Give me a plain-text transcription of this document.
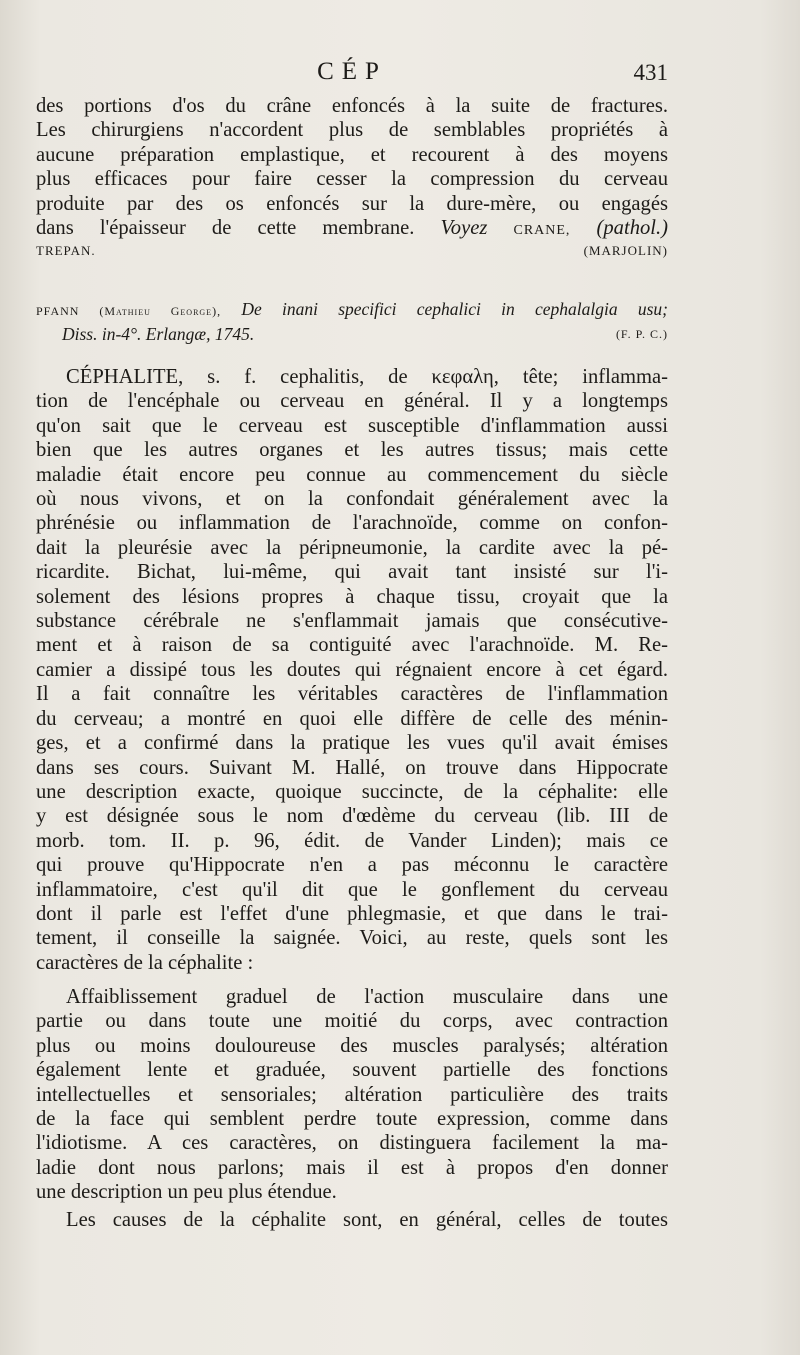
CÉP	431

des portions d'os du crâne enfoncés à la suite de fractures.

Les chirurgiens n'accordent plus de semblables propriétés à

aucune préparation emplastique, et recourent à des moyens

plus efficaces pour faire cesser la compression du cerveau

produite par des os enfoncés sur la dure-mère, ou engagés

dans l'épaisseur de cette membrane. Voyez CRANE, (pathol.)

TREPAN.	(MARJOLIN)

PFANN (Mathieu George), De inani specifici cephalici in cephalalgia usu;

Diss. in-4°. Erlangæ, 1745.	(F. P. C.)

CÉPHALITE, s. f. cephalitis, de κεφαλη, tête; inflamma-

tion de l'encéphale ou cerveau en général. Il y a longtemps

qu'on sait que le cerveau est susceptible d'inflammation aussi

bien que les autres organes et les autres tissus; mais cette

maladie était encore peu connue au commencement du siècle

où nous vivons, et on la confondait généralement avec la

phrénésie ou inflammation de l'arachnoïde, comme on confon-

dait la pleurésie avec la péripneumonie, la cardite avec la pé-

ricardite. Bichat, lui-même, qui avait tant insisté sur l'i-

solement des lésions propres à chaque tissu, croyait que la

substance cérébrale ne s'enflammait jamais que consécutive-

ment et à raison de sa contiguité avec l'arachnoïde. M. Re-

camier a dissipé tous les doutes qui régnaient encore à cet égard.

Il a fait connaître les véritables caractères de l'inflammation

du cerveau; a montré en quoi elle diffère de celle des ménin-

ges, et a confirmé dans la pratique les vues qu'il avait émises

dans ses cours. Suivant M. Hallé, on trouve dans Hippocrate

une description exacte, quoique succincte, de la céphalite: elle

y est désignée sous le nom d'œdème du cerveau (lib. III de

morb. tom. II. p. 96, édit. de Vander Linden); mais ce

qui prouve qu'Hippocrate n'en a pas méconnu le caractère

inflammatoire, c'est qu'il dit que le gonflement du cerveau

dont il parle est l'effet d'une phlegmasie, et que dans le trai-

tement, il conseille la saignée. Voici, au reste, quels sont les

caractères de la céphalite :

Affaiblissement graduel de l'action musculaire dans une

partie ou dans toute une moitié du corps, avec contraction

plus ou moins douloureuse des muscles paralysés; altération

également lente et graduée, souvent partielle des fonctions

intellectuelles et sensoriales; altération particulière des traits

de la face qui semblent perdre toute expression, comme dans

l'idiotisme. A ces caractères, on distinguera facilement la ma-

ladie dont nous parlons; mais il est à propos d'en donner

une description un peu plus étendue.

Les causes de la céphalite sont, en général, celles de toutes
